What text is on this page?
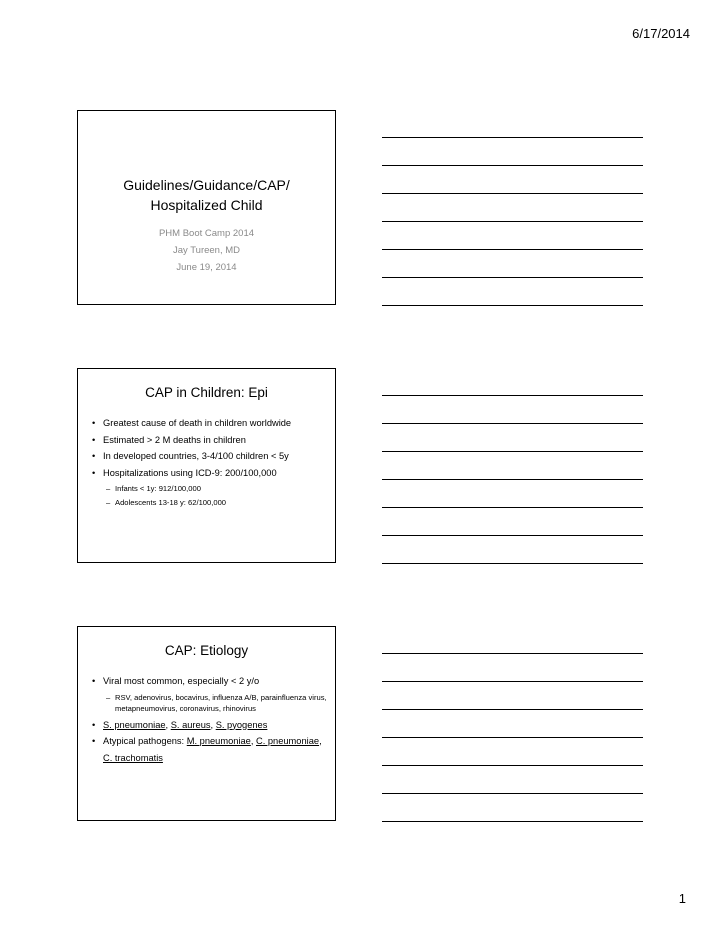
6/17/2014
Guidelines/Guidance/CAP/ Hospitalized Child
PHM Boot Camp 2014
Jay Tureen, MD
June 19, 2014
CAP in Children: Epi
• Greatest cause of death in children worldwide
• Estimated > 2 M deaths in children
• In developed countries, 3-4/100 children < 5y
• Hospitalizations using ICD-9: 200/100,000
– Infants < 1y: 912/100,000
– Adolescents 13-18 y: 62/100,000
CAP: Etiology
• Viral most common, especially < 2 y/o
– RSV, adenovirus, bocavirus, influenza A/B, parainfluenza virus, metapneumovirus, coronavirus, rhinovirus
• S. pneumoniae, S. aureus, S. pyogenes
• Atypical pathogens: M. pneumoniae, C. pneumoniae, C. trachomatis
1
